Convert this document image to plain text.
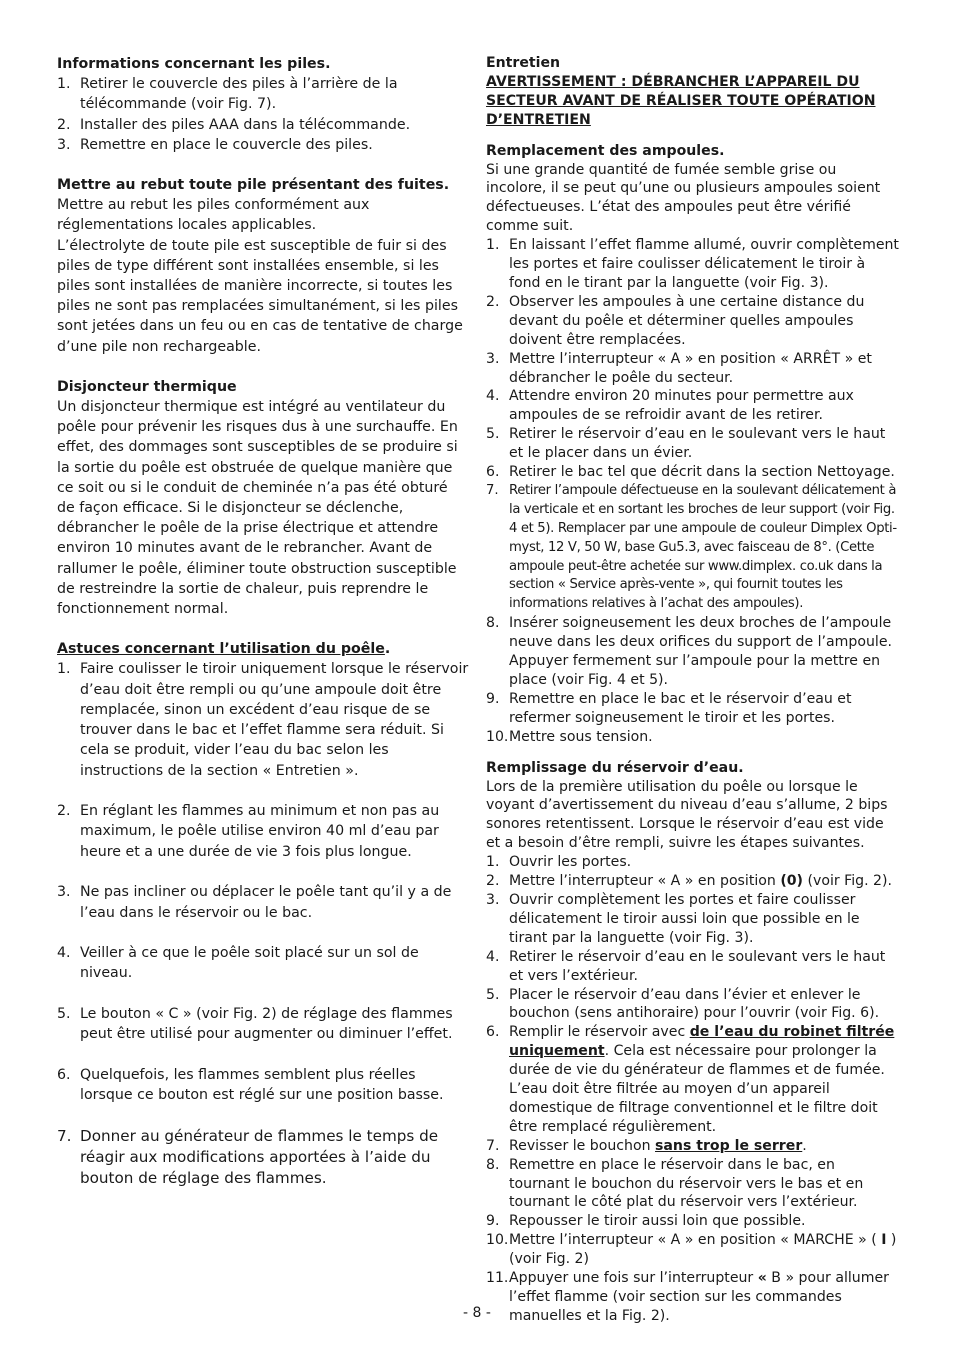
Informations concernant les piles.

1. Retirer le couvercle des piles à l’arrière de la télécommande (voir Fig. 7).
2. Installer des piles AAA dans la télécommande.
3. Remettre en place le couvercle des piles.

Mettre au rebut toute pile présentant des fuites.

Mettre au rebut les piles conformément aux réglementations locales applicables.

L’électrolyte de toute pile est susceptible de fuir si des piles de type différent sont installées ensemble, si les piles sont installées de manière incorrecte, si toutes les piles ne sont pas remplacées simultanément, si les piles sont jetées dans un feu ou en cas de tentative de charge d’une pile non rechargeable.

Disjoncteur thermique

Un disjoncteur thermique est intégré au ventilateur du poêle pour prévenir les risques dus à une surchauffe. En effet, des dommages sont susceptibles de se produire si la sortie du poêle est obstruée de quelque manière que ce soit ou si le conduit de cheminée n’a pas été obturé de façon efficace. Si le disjoncteur se déclenche, débrancher le poêle de la prise électrique et attendre environ 10 minutes avant de le rebrancher. Avant de rallumer le poêle, éliminer toute obstruction susceptible de restreindre la sortie de chaleur, puis reprendre le fonctionnement normal.

Astuces concernant l’utilisation du poêle.

1. Faire coulisser le tiroir uniquement lorsque le réservoir d’eau doit être rempli ou qu’une ampoule doit être remplacée, sinon un excédent d’eau risque de se trouver dans le bac et l’effet flamme sera réduit. Si cela se produit, vider l’eau du bac selon les instructions de la section « Entretien ».
2. En réglant les flammes au minimum et non pas au maximum, le poêle utilise environ 40 ml d’eau par heure et a une durée de vie 3 fois plus longue.
3. Ne pas incliner ou déplacer le poêle tant qu’il y a de l’eau dans le réservoir ou le bac.
4. Veiller à ce que le poêle soit placé sur un sol de niveau.
5. Le bouton « C » (voir Fig. 2) de réglage des flammes peut être utilisé pour augmenter ou diminuer l’effet.
6. Quelquefois, les flammes semblent plus réelles lorsque ce bouton est réglé sur une position basse.
7. Donner au générateur de flammes le temps de réagir aux modifications apportées à l’aide du bouton de réglage des flammes.

Entretien

AVERTISSEMENT : DÉBRANCHER L’APPAREIL DU SECTEUR AVANT DE RÉALISER TOUTE OPÉRATION D’ENTRETIEN

Remplacement des ampoules.

Si une grande quantité de fumée semble grise ou incolore, il se peut qu’une ou plusieurs ampoules soient défectueuses. L’état des ampoules peut être vérifié comme suit.

1. En laissant l’effet flamme allumé, ouvrir complètement les portes et faire coulisser délicatement le tiroir à fond en le tirant par la languette (voir Fig. 3).
2. Observer les ampoules à une certaine distance du devant du poêle et déterminer quelles ampoules doivent être remplacées.
3. Mettre l’interrupteur « A » en position « ARRÊT » et débrancher le poêle du secteur.
4. Attendre environ 20 minutes pour permettre aux ampoules de se refroidir avant de les retirer.
5. Retirer le réservoir d’eau en le soulevant vers le haut et le placer dans un évier.
6. Retirer le bac tel que décrit dans la section Nettoyage.
7. Retirer l’ampoule défectueuse en la soulevant délicatement à la verticale et en sortant les broches de leur support (voir Fig. 4 et 5). Remplacer par une ampoule de couleur Dimplex Opti-myst, 12 V, 50 W, base Gu5.3, avec faisceau de 8°. (Cette ampoule peut-être achetée sur www.dimplex. co.uk dans la section « Service après-vente », qui fournit toutes les informations relatives à l’achat des ampoules).
8. Insérer soigneusement les deux broches de l’ampoule neuve dans les deux orifices du support de l’ampoule. Appuyer fermement sur l’ampoule pour la mettre en place (voir Fig. 4 et 5).
9. Remettre en place le bac et le réservoir d’eau et refermer soigneusement le tiroir et les portes.
10. Mettre sous tension.

Remplissage du réservoir d’eau.

Lors de la première utilisation du poêle ou lorsque le voyant d’avertissement du niveau d’eau s’allume, 2 bips sonores retentissent. Lorsque le réservoir d’eau est vide et a besoin d’être rempli, suivre les étapes suivantes.

1. Ouvrir les portes.
2. Mettre l’interrupteur « A » en position (0) (voir Fig. 2).
3. Ouvrir complètement les portes et faire coulisser délicatement le tiroir aussi loin que possible en le tirant par la languette (voir Fig. 3).
4. Retirer le réservoir d’eau en le soulevant vers le haut et vers l’extérieur.
5. Placer le réservoir d’eau dans l’évier et enlever le bouchon (sens antihoraire) pour l’ouvrir (voir Fig. 6).
6. Remplir le réservoir avec de l’eau du robinet filtrée uniquement. Cela est nécessaire pour prolonger la durée de vie du générateur de flammes et de fumée. L’eau doit être filtrée au moyen d’un appareil domestique de filtrage conventionnel et le filtre doit être remplacé régulièrement.
7. Revisser le bouchon sans trop le serrer.
8. Remettre en place le réservoir dans le bac, en tournant le bouchon du réservoir vers le bas et en tournant le côté plat du réservoir vers l’extérieur.
9. Repousser le tiroir aussi loin que possible.
10. Mettre l’interrupteur « A » en position « MARCHE » ( I ) (voir Fig. 2)
11. Appuyer une fois sur l’interrupteur « B » pour allumer l’effet flamme (voir section sur les commandes manuelles et la Fig. 2).
- 8 -
